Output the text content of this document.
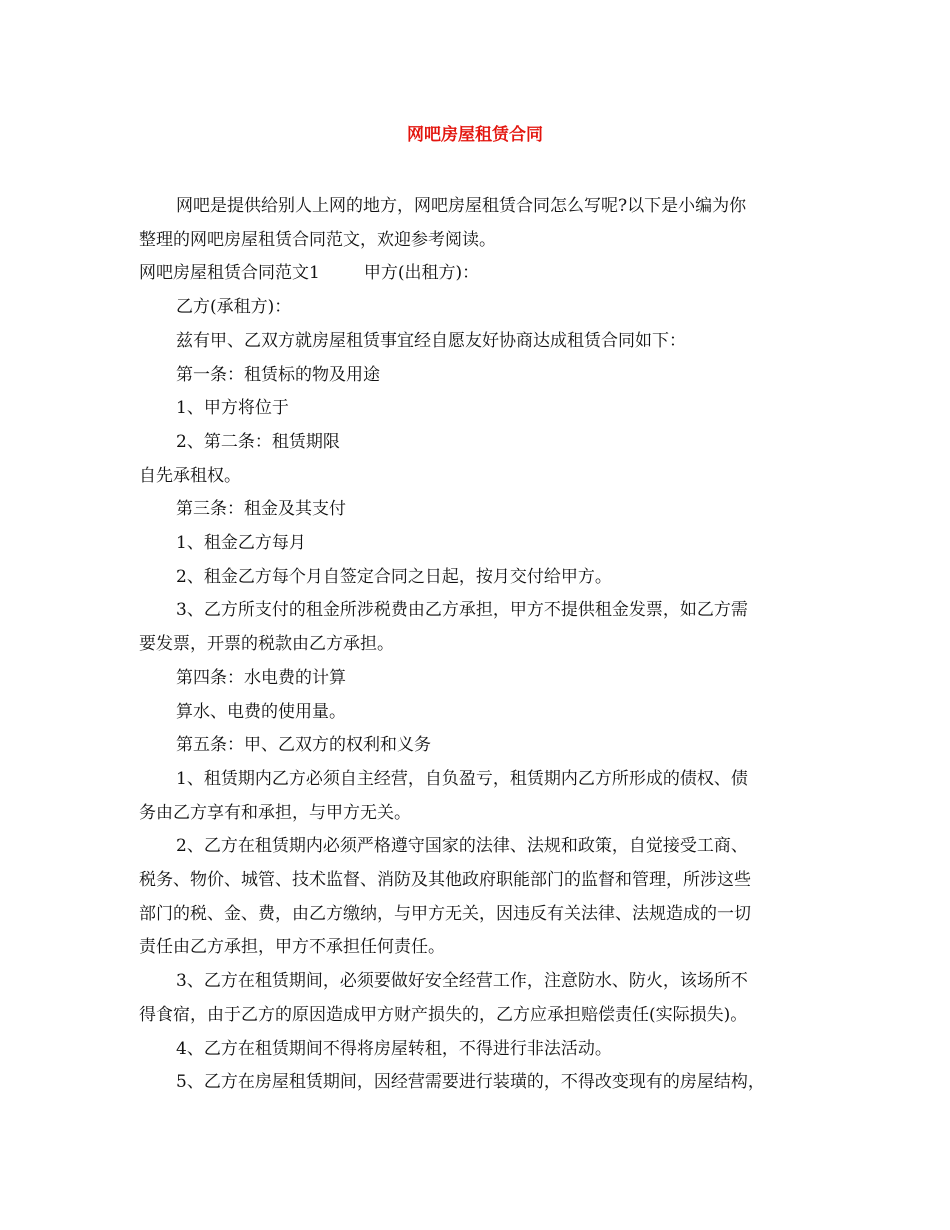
网吧房屋租赁合同

网吧是提供给别人上网的地方，网吧房屋租赁合同怎么写呢?以下是小编为你

整理的网吧房屋租赁合同范文，欢迎参考阅读。

网吧房屋租赁合同范文1	甲方(出租方)：

乙方(承租方)：

兹有甲、乙双方就房屋租赁事宜经自愿友好协商达成租赁合同如下：

第一条：租赁标的物及用途

1、甲方将位于

2、第二条：租赁期限

自先承租权。

第三条：租金及其支付

1、租金乙方每月

2、租金乙方每个月自签定合同之日起，按月交付给甲方。

3、乙方所支付的租金所涉税费由乙方承担，甲方不提供租金发票，如乙方需

要发票，开票的税款由乙方承担。

第四条：水电费的计算

算水、电费的使用量。

第五条：甲、乙双方的权利和义务

1、租赁期内乙方必须自主经营，自负盈亏，租赁期内乙方所形成的债权、债

务由乙方享有和承担，与甲方无关。

2、乙方在租赁期内必须严格遵守国家的法律、法规和政策，自觉接受工商、

税务、物价、城管、技术监督、消防及其他政府职能部门的监督和管理，所涉这些

部门的税、金、费，由乙方缴纳，与甲方无关，因违反有关法律、法规造成的一切

责任由乙方承担，甲方不承担任何责任。

3、乙方在租赁期间，必须要做好安全经营工作，注意防水、防火，该场所不

得食宿，由于乙方的原因造成甲方财产损失的，乙方应承担赔偿责任(实际损失)。

4、乙方在租赁期间不得将房屋转租，不得进行非法活动。

5、乙方在房屋租赁期间，因经营需要进行装璜的，不得改变现有的房屋结构，
